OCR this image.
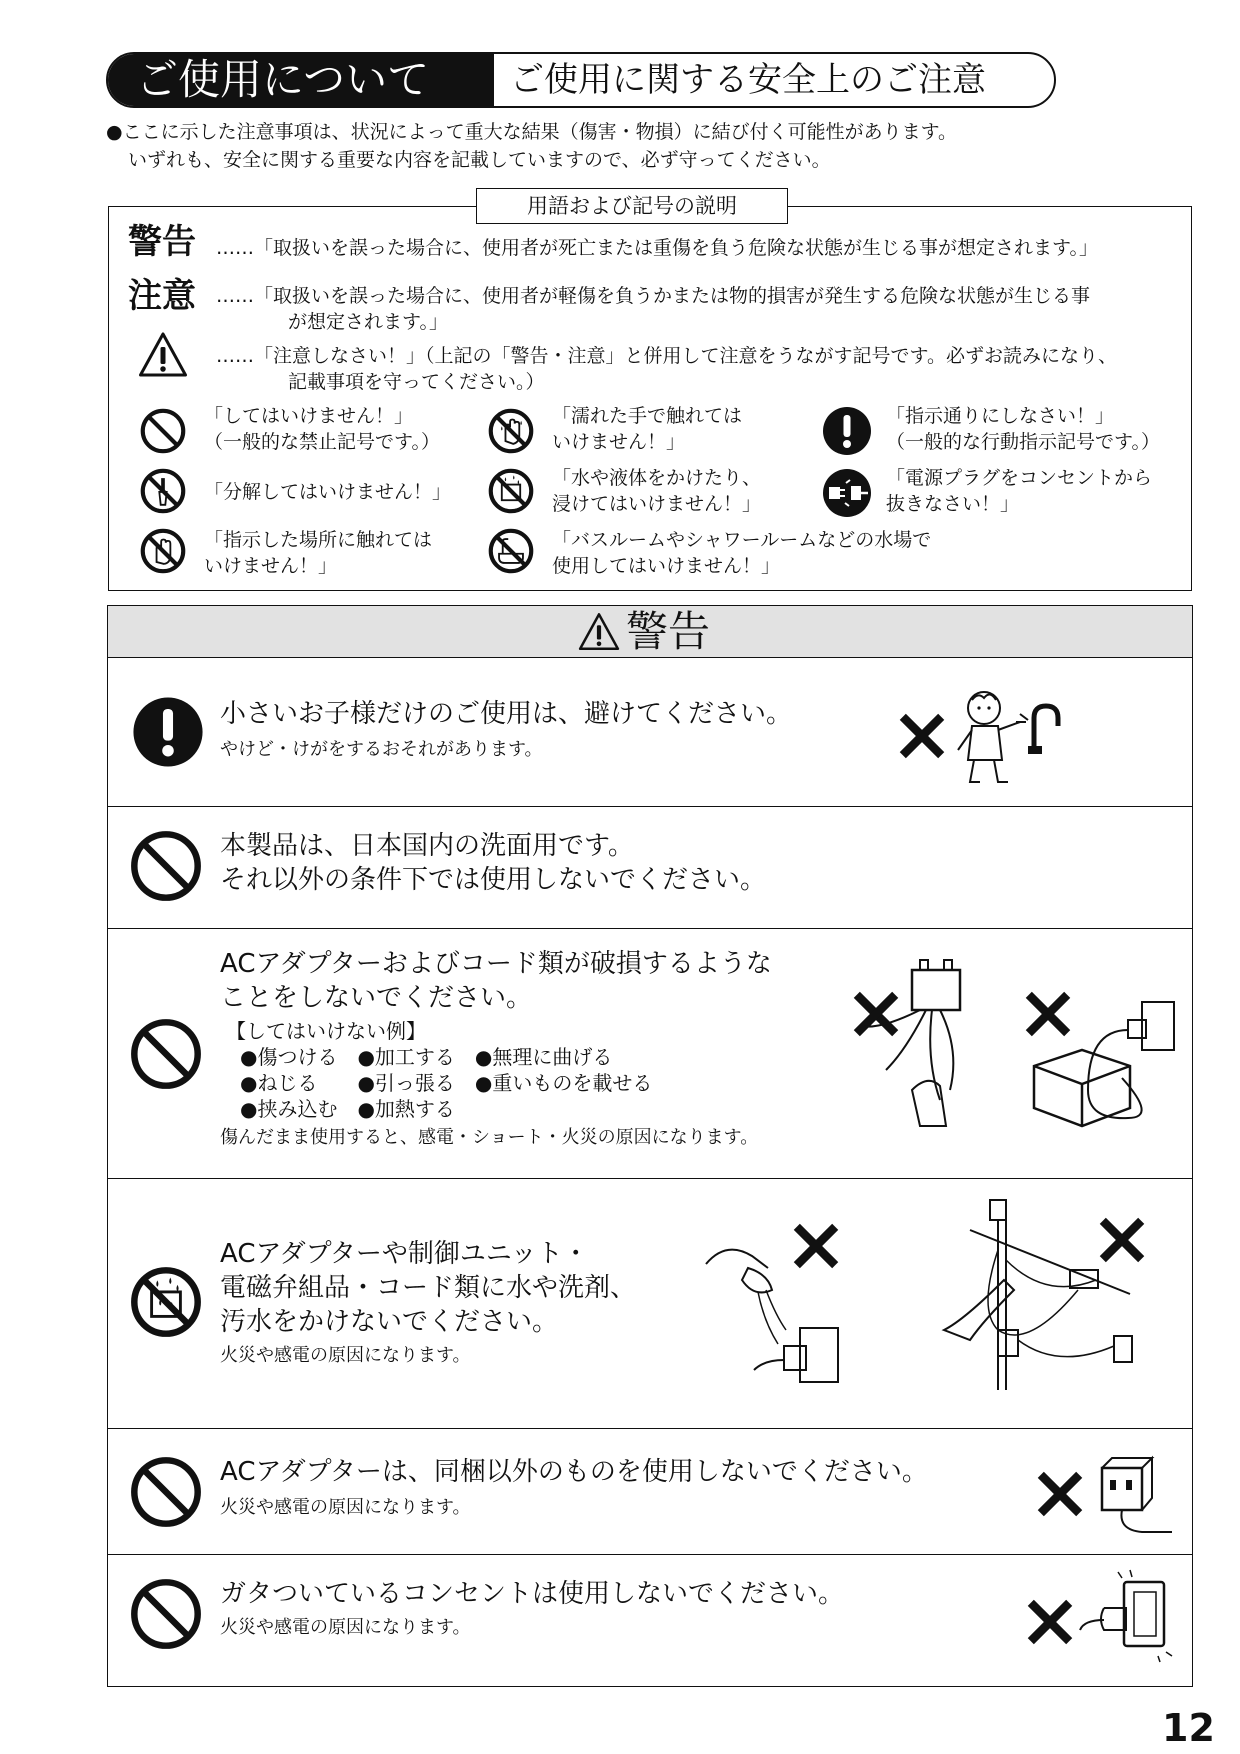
ご使用について	ご使用に関する安全上のご注意
●ここに示した注意事項は、状況によって重大な結果（傷害・物損）に結び付く可能性があります。
いずれも、安全に関する重要な内容を記載していますので、必ず守ってください。
用語および記号の説明
警告 ……「取扱いを誤った場合に、使用者が死亡または重傷を負う危険な状態が生じる事が想定されます。」
注意 ……「取扱いを誤った場合に、使用者が軽傷を負うかまたは物的損害が発生する危険な状態が生じる事
が想定されます。」
……「注意しなさい！」（上記の「警告・注意」と併用して注意をうながす記号です。必ずお読みになり、
記載事項を守ってください。）
「してはいけません！」
（一般的な禁止記号です。）
「濡れた手で触れては
いけません！」
「指示通りにしなさい！」
（一般的な行動指示記号です。）
「分解してはいけません！」
「水や液体をかけたり、
浸けてはいけません！」
「電源プラグをコンセントから
抜きなさい！」
「指示した場所に触れては
いけません！」
「バスルームやシャワールームなどの水場で
使用してはいけません！」
警告
小さいお子様だけのご使用は、避けてください。
やけど・けがをするおそれがあります。
本製品は、日本国内の洗面用です。
それ以外の条件下では使用しないでください。
ACアダプターおよびコード類が破損するような
ことをしないでください。
【してはいけない例】
●傷つける　●加工する　●無理に曲げる
●ねじる　　●引っ張る　●重いものを載せる
●挟み込む　●加熱する
傷んだまま使用すると、感電・ショート・火災の原因になります。
ACアダプターや制御ユニット・
電磁弁組品・コード類に水や洗剤、
汚水をかけないでください。
火災や感電の原因になります。
ACアダプターは、同梱以外のものを使用しないでください。
火災や感電の原因になります。
ガタついているコンセントは使用しないでください。
火災や感電の原因になります。
12
